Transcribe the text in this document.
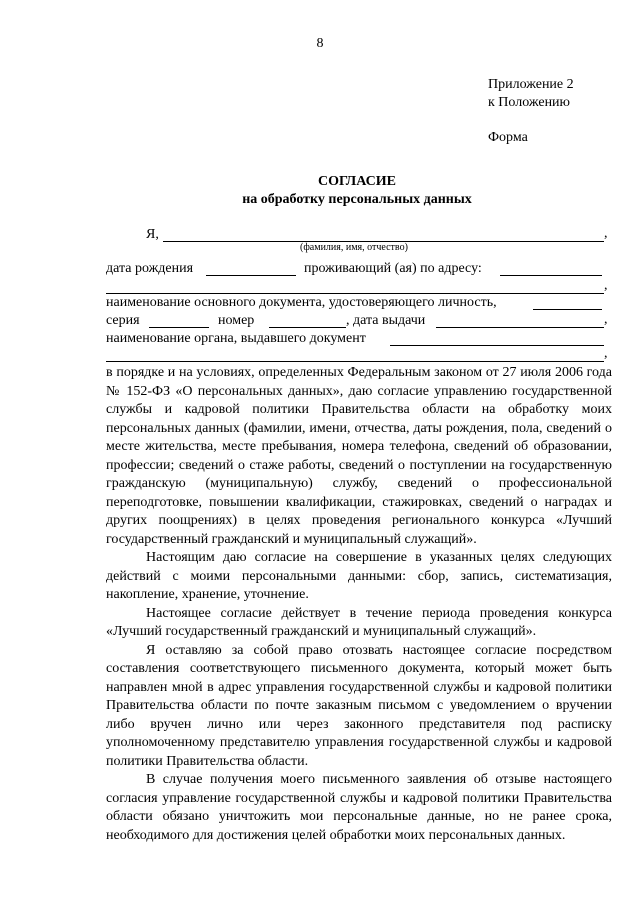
8
Приложение 2
к Положению
Форма
СОГЛАСИЕ
на обработку персональных данных
Я,	,
(фамилия, имя, отчество)
дата рождения	проживающий (ая) по адресу:
,
наименование основного документа, удостоверяющего личность,
серия	номер	, дата выдачи	,
наименование органа, выдавшего документ
,

в порядке и на условиях, определенных Федеральным законом от 27 июля 2006 года № 152-ФЗ «О персональных данных», даю согласие управлению государственной службы и кадровой политики Правительства области на обработку моих персональных данных (фамилии, имени, отчества, даты рождения, пола, сведений о месте жительства, месте пребывания, номера телефона, сведений об образовании, профессии; сведений о стаже работы, сведений о поступлении на государственную гражданскую (муниципальную) службу, сведений о профессиональной переподготовке, повышении квалификации, стажировках, сведений о наградах и других поощрениях) в целях проведения регионального конкурса «Лучший государственный гражданский и муниципальный служащий».

Настоящим даю согласие на совершение в указанных целях следующих действий с моими персональными данными: сбор, запись, систематизация, накопление, хранение, уточнение.

Настоящее согласие действует в течение периода проведения конкурса «Лучший государственный гражданский и муниципальный служащий».

Я оставляю за собой право отозвать настоящее согласие посредством составления соответствующего письменного документа, который может быть направлен мной в адрес управления государственной службы и кадровой политики Правительства области по почте заказным письмом с уведомлением о вручении либо вручен лично или через законного представителя под расписку уполномоченному представителю управления государственной службы и кадровой политики Правительства области.

В случае получения моего письменного заявления об отзыве настоящего согласия управление государственной службы и кадровой политики Правительства области обязано уничтожить мои персональные данные, но не ранее срока, необходимого для достижения целей обработки моих персональных данных.
